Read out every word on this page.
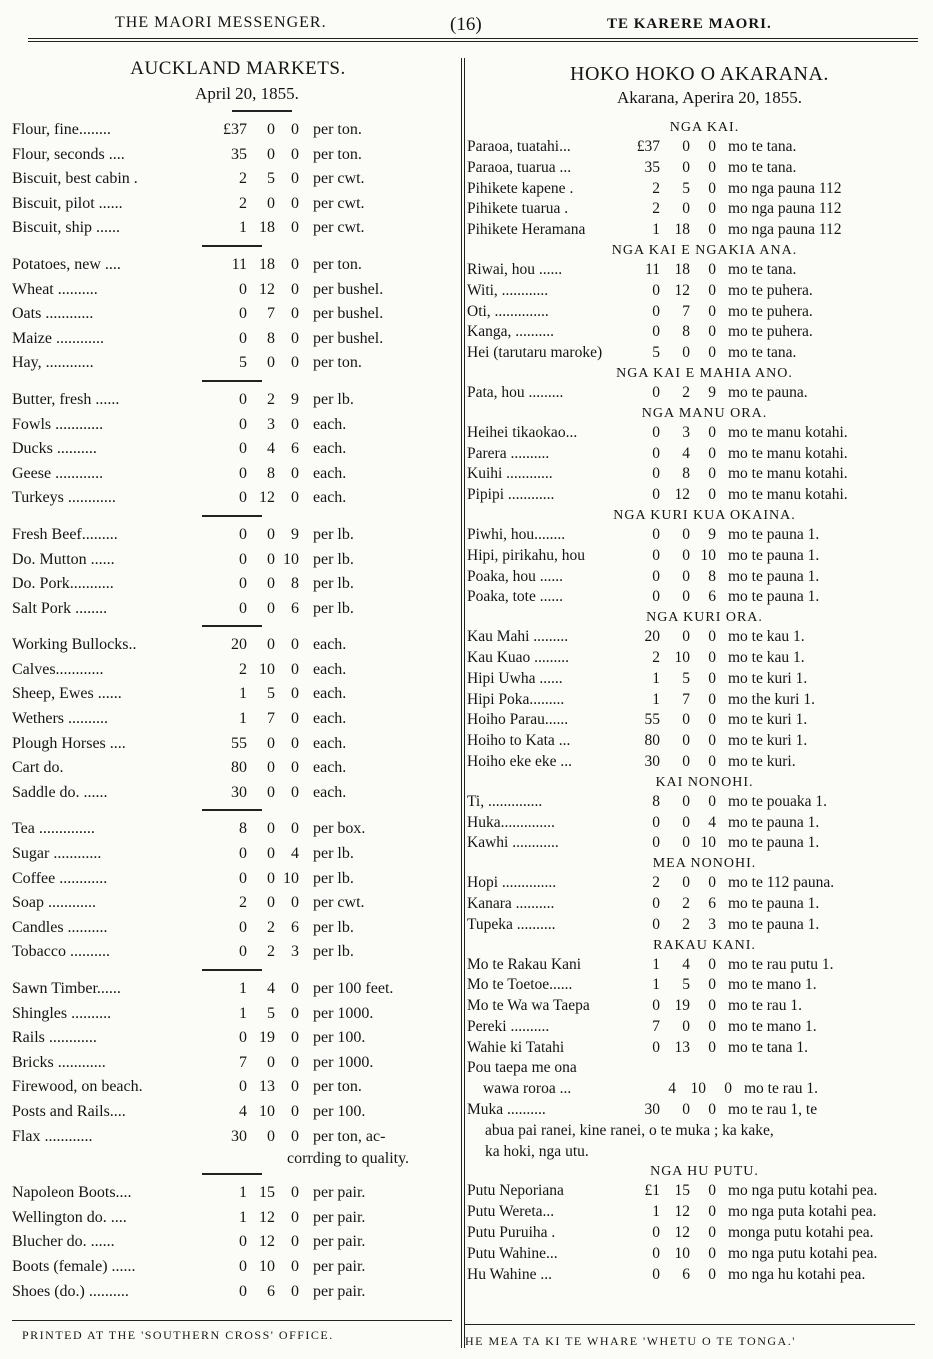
THE MAORI MESSENGER.	(16)	TE KARERE MAORI.
AUCKLAND MARKETS.
April 20, 1855.
Flour, fine........	£37	0	0 per ton.
Flour, seconds ....	35	0	0 per ton.
Biscuit, best cabin .	2	5	0 per cwt.
Biscuit, pilot ......	2	0	0 per cwt.
Biscuit, ship ......	1 18	0 per cwt.
Potatoes, new ....	11 18	0 per ton.
Wheat ..........	0 12	0 per bushel.
Oats ............	0	7	0 per bushel.
Maize ............	0	8	0 per bushel.
Hay, ............	5	0	0 per ton.
Butter, fresh ......	0	2	9 per lb.
Fowls ............	0	3	0 each.
Ducks ..........	0	4	6 each.
Geese ............	0	8	0 each.
Turkeys ............	0 12	0 each.
Fresh Beef.........	0	0	9 per lb.
Do. Mutton ......	0	0 10 per lb.
Do. Pork...........	0	0	8 per lb.
Salt Pork ........	0	0	6 per lb.
Working Bullocks..	20	0	0 each.
Calves............	2 10	0 each.
Sheep, Ewes ......	1	5	0 each.
Wethers ..........	1	7	0 each.
Plough Horses ....	55	0	0 each.
Cart do.	80	0	0 each.
Saddle do. ......	30	0	0 each.
Tea ..............	8	0	0 per box.
Sugar ............	0	0	4 per lb.
Coffee ............	0	0 10 per lb.
Soap ............	2	0	0 per cwt.
Candles ..........	0	2	6 per lb.
Tobacco ..........	0	2	3 per lb.
Sawn Timber......	1	4	0 per 100 feet.
Shingles ..........	1	5	0 per 1000.
Rails ............	0 19	0 per 100.
Bricks ............	7	0	0 per 1000.
Firewood, on beach.	0 13	0 per ton.
Posts and Rails....	4 10	0 per 100.
Flax ............	30	0	0 per ton, ac-
corrding to quality.
Napoleon Boots....	1 15	0 per pair.
Wellington do. ....	1 12	0 per pair.
Blucher do. ......	0 12	0 per pair.
Boots (female) ......	0 10	0 per pair.
Shoes (do.) ..........	0	6	0 per pair.
HOKO HOKO O AKARANA.
Akarana, Aperira 20, 1855.
NGA KAI.
Paraoa, tuatahi...	£37	0	0 mo te tana.
Paraoa, tuarua ...	35	0	0 mo te tana.
Pihikete kapene .	2	5	0 mo nga pauna 112
Pihikete tuarua .	2	0	0 mo nga pauna 112
Pihikete Heramana	1 18	0 mo nga pauna 112
NGA KAI E NGAKIA ANA.
Riwai, hou ......	11 18	0 mo te tana.
Witi, ............	0 12	0 mo te puhera.
Oti, ..............	0	7	0 mo te puhera.
Kanga, ..........	0	8	0 mo te puhera.
Hei (tarutaru maroke)	5	0	0 mo te tana.
NGA KAI E MAHIA ANO.
Pata, hou .........	0	2	9 mo te pauna.
NGA MANU ORA.
Heihei tikaokao...	0	3	0 mo te manu kotahi.
Parera ..........	0	4	0 mo te manu kotahi.
Kuihi ............	0	8	0 mo te manu kotahi.
Pipipi ............	0 12	0 mo te manu kotahi.
NGA KURI KUA OKAINA.
Piwhi, hou........	0	0	9 mo te pauna 1.
Hipi, pirikahu, hou	0	0 10 mo te pauna 1.
Poaka, hou ......	0	0	8 mo te pauna 1.
Poaka, tote ......	0	0	6 mo te pauna 1.
NGA KURI ORA.
Kau Mahi .........	20	0	0 mo te kau 1.
Kau Kuao .........	2 10	0 mo te kau 1.
Hipi Uwha ......	1	5	0 mo te kuri 1.
Hipi Poka.........	1	7	0 mo the kuri 1.
Hoiho Parau......	55	0	0 mo te kuri 1.
Hoiho to Kata ...	80	0	0 mo te kuri 1.
Hoiho eke eke ...	30	0	0 mo te kuri.
KAI NONOHI.
Ti, ..............	8	0	0 mo te pouaka 1.
Huka..............	0	0	4 mo te pauna 1.
Kawhi ............	0	0 10 mo te pauna 1.
MEA NONOHI.
Hopi ..............	2	0	0 mo te 112 pauna.
Kanara ..........	0	2	6 mo te pauna 1.
Tupeka ..........	0	2	3 mo te pauna 1.
RAKAU KANI.
Mo te Rakau Kani	1	4	0 mo te rau putu 1.
Mo te Toetoe......	1	5	0 mo te mano 1.
Mo te Wa wa Taepa	0 19	0 mo te rau 1.
Pereki ..........	7	0	0 mo te mano 1.
Wahie ki Tatahi	0 13	0 mo te tana 1.
Pou taepa me ona
wawa roroa ...	4 10	0 mo te rau 1.
Muka ..........	30	0	0 mo te rau 1, te
abua pai ranei, kine ranei, o te muka ; ka kake,
ka hoki, nga utu.
NGA HU PUTU.
Putu Neporiana	£1 15	0 mo nga putu kotahi pea.
Putu Wereta...	1 12	0 mo nga puta kotahi pea.
Putu Puruiha .	0 12	0 monga putu kotahi pea.
Putu Wahine...	0 10	0 mo nga putu kotahi pea.
Hu Wahine ...	0	6	0 mo nga hu kotahi pea.
PRINTED AT THE 'SOUTHERN CROSS' OFFICE.	HE MEA TA KI TE WHARE 'WHETU O TE TONGA.'
